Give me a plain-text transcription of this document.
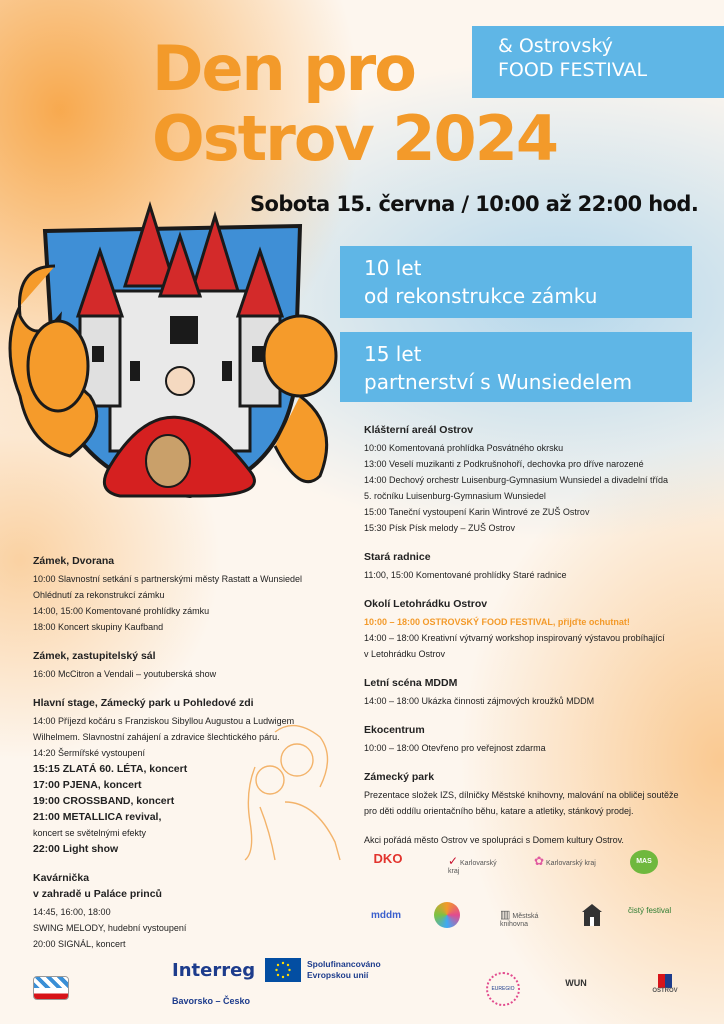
Den pro
Ostrov 2024
& Ostrovský
FOOD FESTIVAL
Sobota 15. června / 10:00 až 22:00 hod.
10 let
od rekonstrukce zámku
15 let
partnerství s Wunsiedelem
Klášterní areál Ostrov
10:00 Komentovaná prohlídka Posvátného okrsku
13:00 Veselí muzikanti z Podkrušnohoří, dechovka pro dříve narozené
14:00 Dechový orchestr Luisenburg-Gymnasium Wunsiedel a divadelní třída
5. ročníku Luisenburg-Gymnasium Wunsiedel
15:00 Taneční vystoupení Karin Wintrové ze ZUŠ Ostrov
15:30 Písk Písk melody – ZUŠ Ostrov
Stará radnice
11:00, 15:00 Komentované prohlídky Staré radnice
Okolí Letohrádku Ostrov
10:00 – 18:00 OSTROVSKÝ FOOD FESTIVAL, přijďte ochutnat!
14:00 – 18:00 Kreativní výtvarný workshop inspirovaný výstavou probíhající
v Letohrádku Ostrov
Letní scéna MDDM
14:00 – 18:00 Ukázka činnosti zájmových kroužků MDDM
Ekocentrum
10:00 – 18:00 Otevřeno pro veřejnost zdarma
Zámecký park
Prezentace složek IZS, dílničky Městské knihovny, malování na obličej soutěže pro děti oddílu orientačního běhu, katare a atletiky, stánkový prodej.
Akci pořádá město Ostrov ve spolupráci s Domem kultury Ostrov.
Zámek, Dvorana
10:00 Slavnostní setkání s partnerskými městy Rastatt a Wunsiedel
Ohlédnutí za rekonstrukcí zámku
14:00, 15:00 Komentované prohlídky zámku
18:00 Koncert skupiny Kaufband
Zámek, zastupitelský sál
16:00 McCitron a Vendali – youtuberská show
Hlavní stage, Zámecký park u Pohledové zdi
14:00 Příjezd kočáru s Franziskou Sibyllou Augustou a Ludwigem
Wilhelmem. Slavnostní zahájení a zdravice šlechtického páru.
14:20 Šermířské vystoupení
15:15 ZLATÁ 60. LÉTA, koncert
17:00 PJENA, koncert
19:00 CROSSBAND, koncert
21:00 METALLICA revival,
koncert se světelnými efekty
22:00 Light show
Kavárnička
v zahradě u Paláce princů
14:45, 16:00, 18:00
SWING MELODY, hudební vystoupení
20:00 SIGNÁL, koncert
DKO	✓ Karlovarský kraj
✿ Karlovarský kraj	MAS
mddm	▥ Městská knihovna
čistý festival
Interreg	Spolufinancováno
Evropskou unií
Bavorsko – Česko
EUREGIO
WUN
OSTROV
